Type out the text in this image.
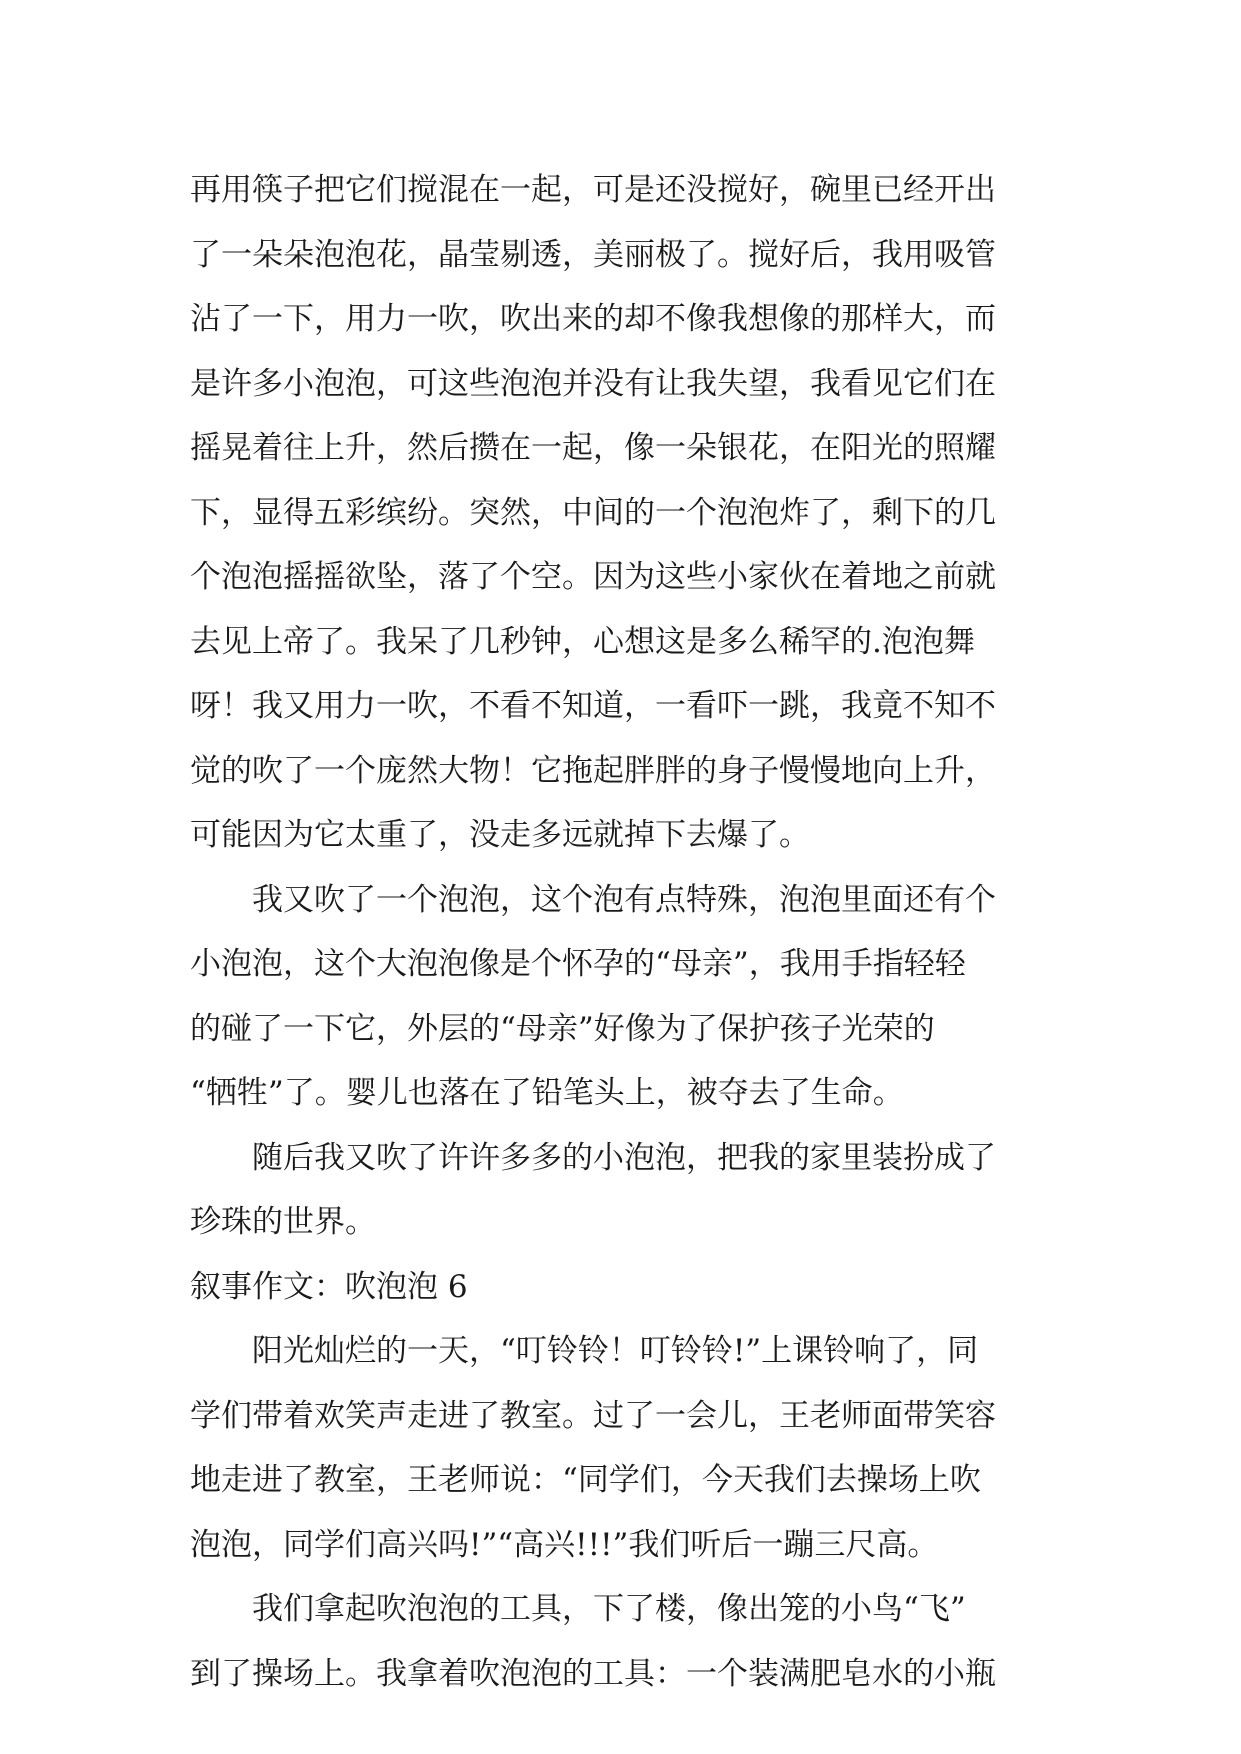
再用筷子把它们搅混在一起，可是还没搅好，碗里已经开出
了一朵朵泡泡花，晶莹剔透，美丽极了。搅好后，我用吸管
沾了一下，用力一吹，吹出来的却不像我想像的那样大，而
是许多小泡泡，可这些泡泡并没有让我失望，我看见它们在
摇晃着往上升，然后攒在一起，像一朵银花，在阳光的照耀
下，显得五彩缤纷。突然，中间的一个泡泡炸了，剩下的几
个泡泡摇摇欲坠，落了个空。因为这些小家伙在着地之前就
去见上帝了。我呆了几秒钟，心想这是多么稀罕的.泡泡舞
呀！我又用力一吹，不看不知道，一看吓一跳，我竟不知不
觉的吹了一个庞然大物！它拖起胖胖的身子慢慢地向上升，
可能因为它太重了，没走多远就掉下去爆了。
我又吹了一个泡泡，这个泡有点特殊，泡泡里面还有个
小泡泡，这个大泡泡像是个怀孕的“母亲”，我用手指轻轻
的碰了一下它，外层的“母亲”好像为了保护孩子光荣的
“牺牲”了。婴儿也落在了铅笔头上，被夺去了生命。
随后我又吹了许许多多的小泡泡，把我的家里装扮成了
珍珠的世界。
叙事作文：吹泡泡 6
阳光灿烂的一天，“叮铃铃！叮铃铃!”上课铃响了，同
学们带着欢笑声走进了教室。过了一会儿，王老师面带笑容
地走进了教室，王老师说：“同学们，今天我们去操场上吹
泡泡，同学们高兴吗!”“高兴!!!”我们听后一蹦三尺高。
我们拿起吹泡泡的工具，下了楼，像出笼的小鸟“飞”
到了操场上。我拿着吹泡泡的工具：一个装满肥皂水的小瓶
